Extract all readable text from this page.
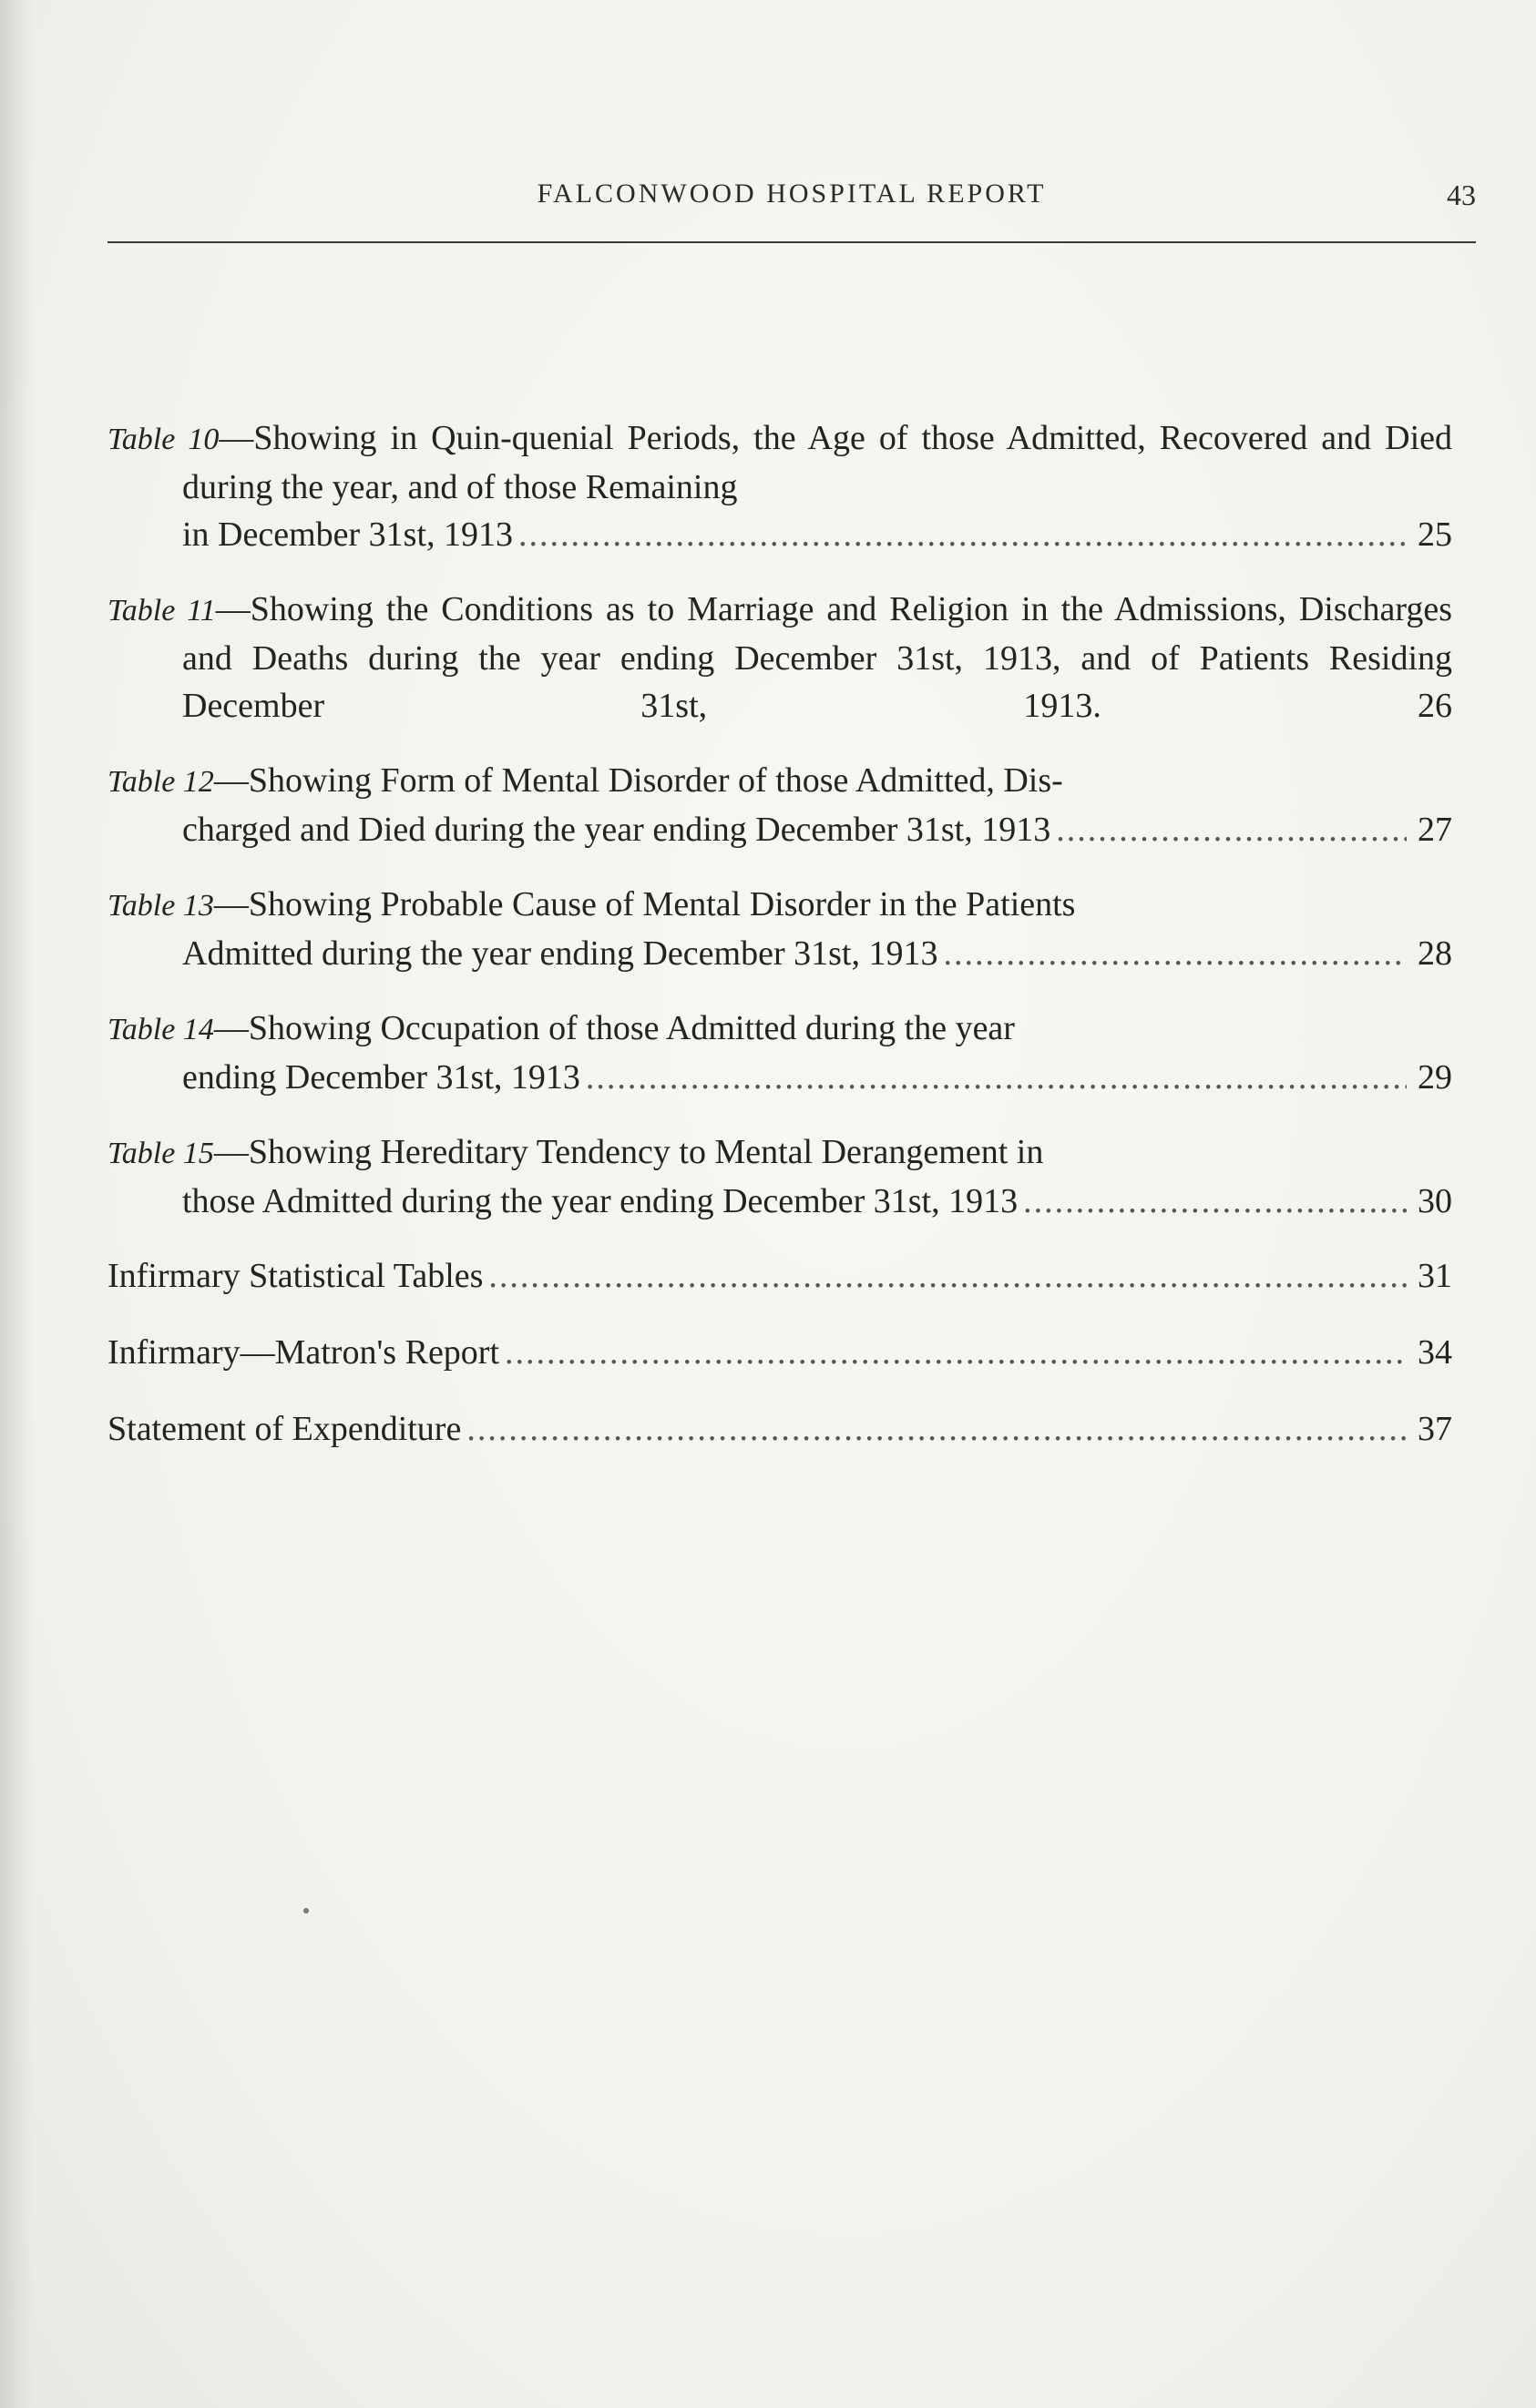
FALCONWOOD HOSPITAL REPORT	43
Table 10—Showing in Quin-quenial Periods, the Age of those Admitted, Recovered and Died during the year, and of those Remaining
in December 31st, 1913 .....	25
Table 11—Showing the Conditions as to Marriage and Religion in the Admissions, Discharges and Deaths during the year ending December 31st, 1913, and of Patients Residing December 31st, 1913.	26
Table 12—Showing Form of Mental Disorder of those Admitted, Dis-
charged and Died during the year ending December 31st, 1913 .....	27
Table 13—Showing Probable Cause of Mental Disorder in the Patients
Admitted during the year ending December 31st, 1913 .....	28
Table 14—Showing Occupation of those Admitted during the year
ending December 31st, 1913 .....	29
Table 15—Showing Hereditary Tendency to Mental Derangement in
those Admitted during the year ending December 31st, 1913 .....	30
Infirmary Statistical Tables .....	31
Infirmary—Matron's Report .....	34
Statement of Expenditure .....	37
